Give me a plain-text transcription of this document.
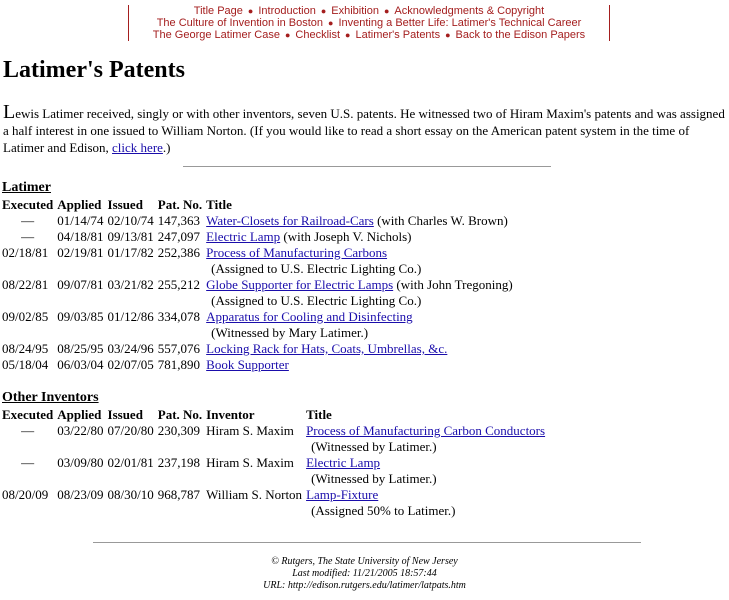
Title Page ● Introduction ● Exhibition ● Acknowledgments & Copyright
The Culture of Invention in Boston ● Inventing a Better Life: Latimer's Technical Career
The George Latimer Case ● Checklist ● Latimer's Patents ● Back to the Edison Papers
Latimer's Patents

Lewis Latimer received, singly or with other inventors, seven U.S. patents. He witnessed two of Hiram Maxim's patents and was assigned a half interest in one issued to William Norton. (If you would like to read a short essay on the American patent system in the time of Latimer and Edison, click here.)

Latimer
Executed	Applied	Issued	Pat. No.	Title
—	01/14/74	02/10/74	147,363	Water-Closets for Railroad-Cars (with Charles W. Brown)
—	04/18/81	09/13/81	247,097	Electric Lamp (with Joseph V. Nichols)
02/18/81	02/19/81	01/17/82	252,386	Process of Manufacturing Carbons
				(Assigned to U.S. Electric Lighting Co.)
08/22/81	09/07/81	03/21/82	255,212	Globe Supporter for Electric Lamps (with John Tregoning)
				(Assigned to U.S. Electric Lighting Co.)
09/02/85	09/03/85	01/12/86	334,078	Apparatus for Cooling and Disinfecting
				(Witnessed by Mary Latimer.)
08/24/95	08/25/95	03/24/96	557,076	Locking Rack for Hats, Coats, Umbrellas, &c.
05/18/04	06/03/04	02/07/05	781,890	Book Supporter
Other Inventors
Executed	Applied	Issued	Pat. No.	Inventor	Title
—	03/22/80	07/20/80	230,309	Hiram S. Maxim	Process of Manufacturing Carbon Conductors
					(Witnessed by Latimer.)
—	03/09/80	02/01/81	237,198	Hiram S. Maxim	Electric Lamp
					(Witnessed by Latimer.)
08/20/09	08/23/09	08/30/10	968,787	William S. Norton	Lamp-Fixture
					(Assigned 50% to Latimer.)
© Rutgers, The State University of New Jersey
Last modified: 11/21/2005 18:57:44
URL: http://edison.rutgers.edu/latimer/latpats.htm
